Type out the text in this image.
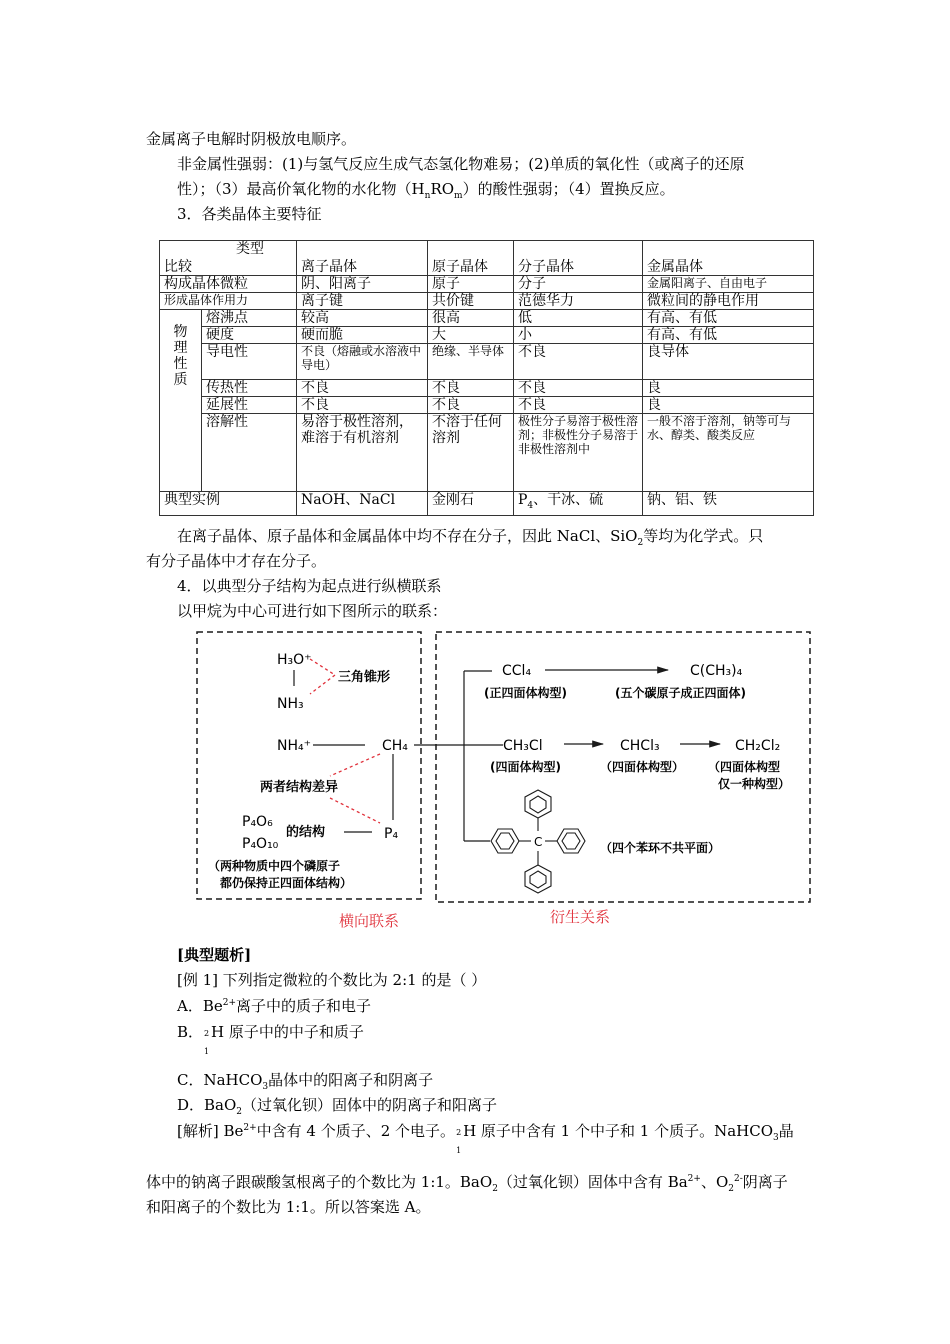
金属离子电解时阴极放电顺序。
非金属性强弱：(1)与氢气反应生成气态氢化物难易；(2)单质的氧化性（或离子的还原
性）；（3）最高价氧化物的水化物$(H_nRO_m)$的酸性强弱；（4）置换反应。
3．各类晶体主要特征
类型
比较		离子晶体	原子晶体	分子晶体	金属晶体
构成晶体微粒		阴、阳离子	原子	分子	金属阳离子、自由电子
形成晶体作用力		离子键	共价键	范德华力	微粒间的静电作用

物
理
性
质	熔沸点	较高	很高	低	有高、有低
	硬度	硬而脆	大	小	有高、有低
	导电性	不良（熔融或水溶液中导电）	绝缘、半导体	不良	良导体
	传热性	不良	不良	不良	良
	延展性	不良	不良	不良	良
	溶解性	易溶于极性溶剂，难溶于有机溶剂	不溶于任何溶剂	极性分子易溶于极性溶剂；非极性分子易溶于非极性溶剂中	一般不溶于溶剂，钠等可与水、醇类、酸类反应
典型实例		NaOH、NaCl	金刚石	$P_4$、干冰、硫	钠、铝、铁
在离子晶体、原子晶体和金属晶体中均不存在分子，因此 NaCl、SiO$_2$等均为化学式。只
有分子晶体中才存在分子。
4．以典型分子结构为起点进行纵横联系
以甲烷为中心可进行如下图所示的联系：
H₃O⁺
NH₃
三角锥形
NH₄⁺	CH₄
两者结构差异
P₄O₆
P₄O₁₀
的结构	P₄
（两种物质中四个磷原子
都仍保持正四面体结构）
CCl₄	C(CH₃)₄
(正四面体构型)	(五个碳原子成正四面体)
CH₃Cl	CHCl₃	CH₂Cl₂
(四面体构型)	（四面体构型） （四面体构型
仅一种构型）
C	（四个苯环不共平面）
横向联系	衍生关系
[典型题析]
[例 1] 下列指定微粒的个数比为 2:1 的是（ ）
A．$Be^{2+}$离子中的质子和电子
B． 2
1
H 原子中的中子和质子
C．NaHCO$_3$晶体中的阳离子和阴离子
D．BaO$_2$（过氧化钡）固体中的阴离子和阳离子
[解析] $Be^{2+}$中含有 4 个质子、2 个电子。 2
1
H 原子中含有 1 个中子和 1 个质子。NaHCO$_3$晶
体中的钠离子跟碳酸氢根离子的个数比为 1:1。BaO$_2$（过氧化钡）固体中含有 $Ba^{2+}$、$O_2^{2-}$阴离子
和阳离子的个数比为 1:1。所以答案选 A。
